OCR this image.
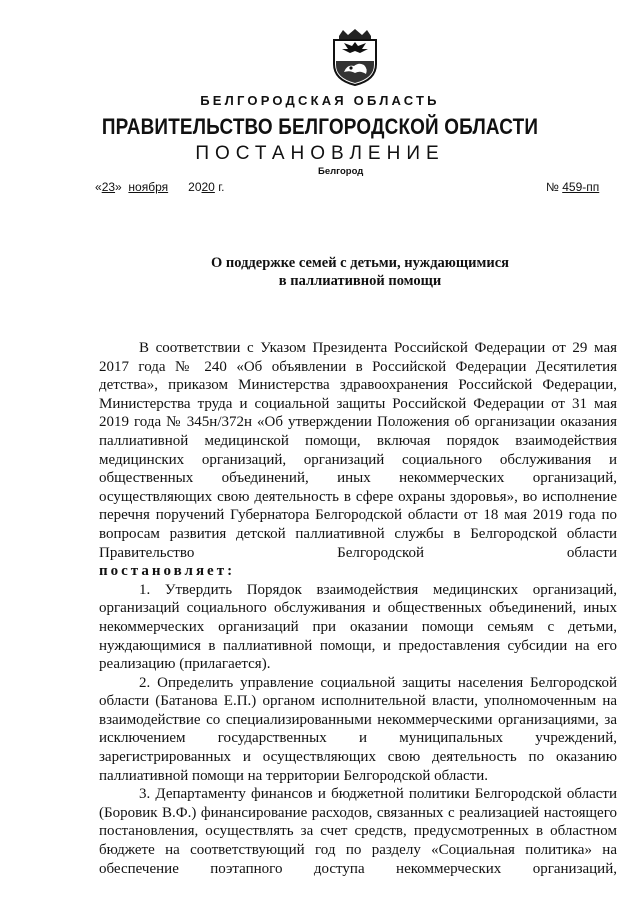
БЕЛГОРОДСКАЯ ОБЛАСТЬ
ПРАВИТЕЛЬСТВО БЕЛГОРОДСКОЙ ОБЛАСТИ
ПОСТАНОВЛЕНИЕ
Белгород
«23» ноября 2020 г.	№ 459-пп
О поддержке семей с детьми, нуждающимися
в паллиативной помощи

В соответствии с Указом Президента Российской Федерации от 29 мая 2017 года № 240 «Об объявлении в Российской Федерации Десятилетия детства», приказом Министерства здравоохранения Российской Федерации, Министерства труда и социальной защиты Российской Федерации от 31 мая 2019 года № 345н/372н «Об утверждении Положения об организации оказания паллиативной медицинской помощи, включая порядок взаимодействия медицинских организаций, организаций социального обслуживания и общественных объединений, иных некоммерческих организаций, осуществляющих свою деятельность в сфере охраны здоровья», во исполнение перечня поручений Губернатора Белгородской области от 18 мая 2019 года по вопросам развития детской паллиативной службы в Белгородской области Правительство Белгородской области

постановляет:

1. Утвердить Порядок взаимодействия медицинских организаций, организаций социального обслуживания и общественных объединений, иных некоммерческих организаций при оказании помощи семьям с детьми, нуждающимися в паллиативной помощи, и предоставления субсидии на его реализацию (прилагается).

2. Определить управление социальной защиты населения Белгородской области (Батанова Е.П.) органом исполнительной власти, уполномоченным на взаимодействие со специализированными некоммерческими организациями, за исключением государственных и муниципальных учреждений, зарегистрированных и осуществляющих свою деятельность по оказанию паллиативной помощи на территории Белгородской области.

3. Департаменту финансов и бюджетной политики Белгородской области (Боровик В.Ф.) финансирование расходов, связанных с реализацией настоящего постановления, осуществлять за счет средств, предусмотренных в областном бюджете на соответствующий год по разделу «Социальная политика» на обеспечение поэтапного доступа некоммерческих организаций,
